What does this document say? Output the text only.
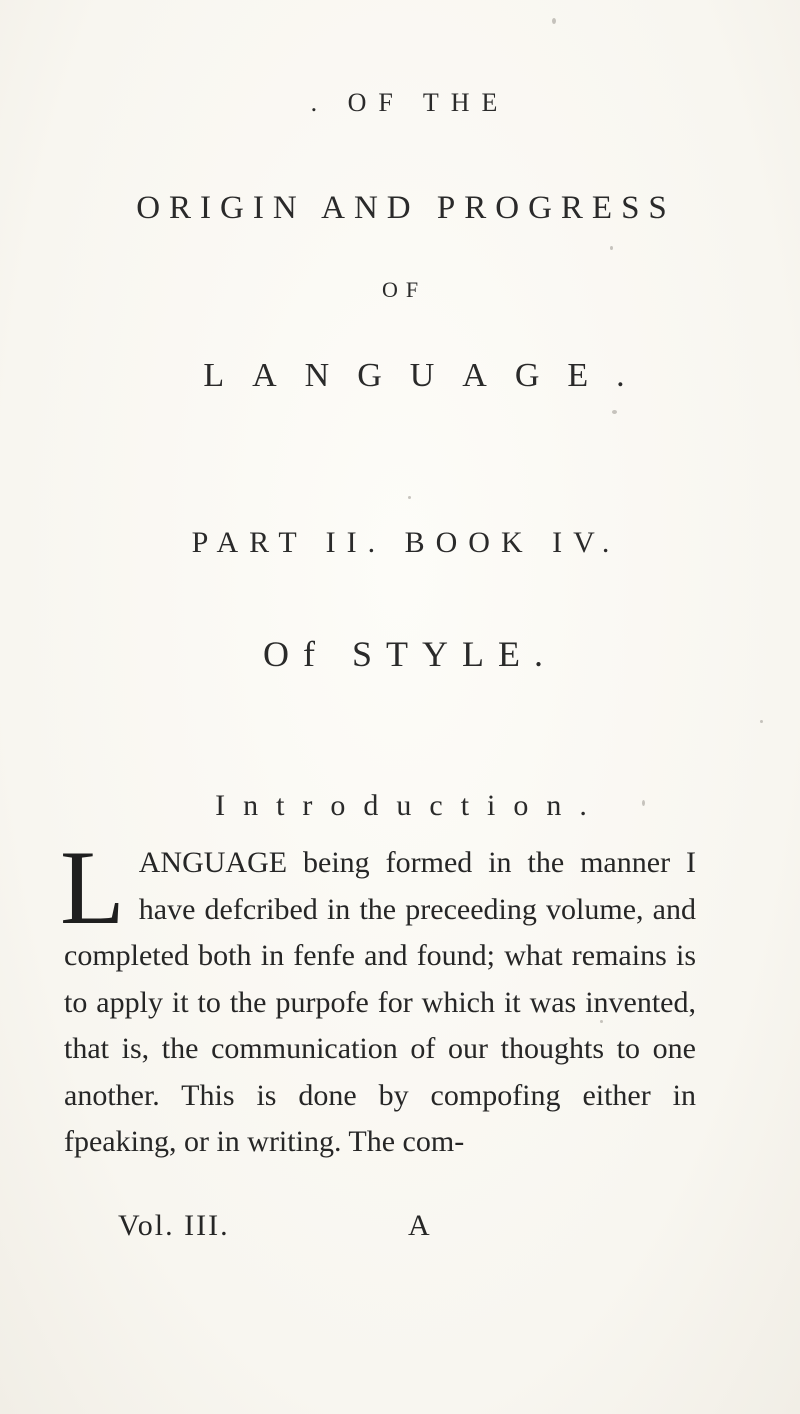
. OF THE
ORIGIN AND PROGRESS
OF
LANGUAGE.
PART II. BOOK IV.
Of STYLE.
Introduction.

LANGUAGE being formed in the manner I have defcribed in the preceeding volume, and completed both in fenfe and found; what remains is to apply it to the purpofe for which it was invented, that is, the communication of our thoughts to one another. This is done by compofing either in fpeaking, or in writing. The com-

Vol. III.	A
